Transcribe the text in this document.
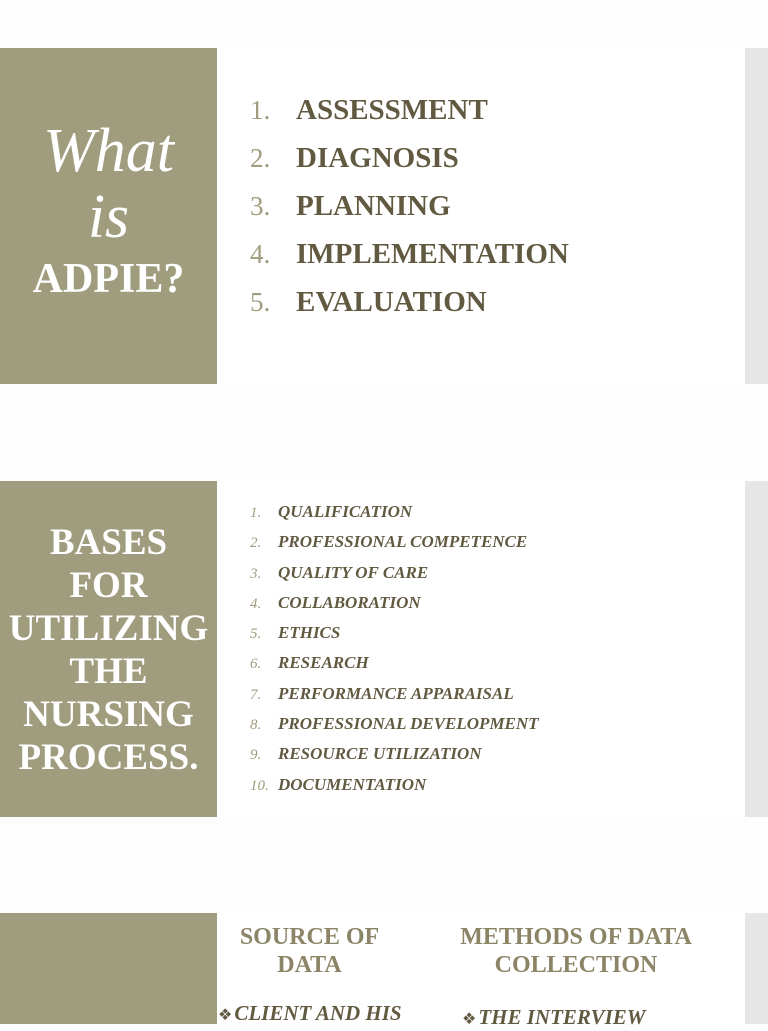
What
is
ADPIE?
1. ASSESSMENT
2. DIAGNOSIS
3. PLANNING
4. IMPLEMENTATION
5. EVALUATION
BASES
FOR
UTILIZING
THE
NURSING
PROCESS.
1. QUALIFICATION
2. PROFESSIONAL COMPETENCE
3. QUALITY OF CARE
4. COLLABORATION
5. ETHICS
6. RESEARCH
7. PERFORMANCE APPARAISAL
8. PROFESSIONAL DEVELOPMENT
9. RESOURCE UTILIZATION
10. DOCUMENTATION
SOURCE OF
DATA
METHODS OF DATA
COLLECTION
❖CLIENT AND HIS	❖THE INTERVIEW
